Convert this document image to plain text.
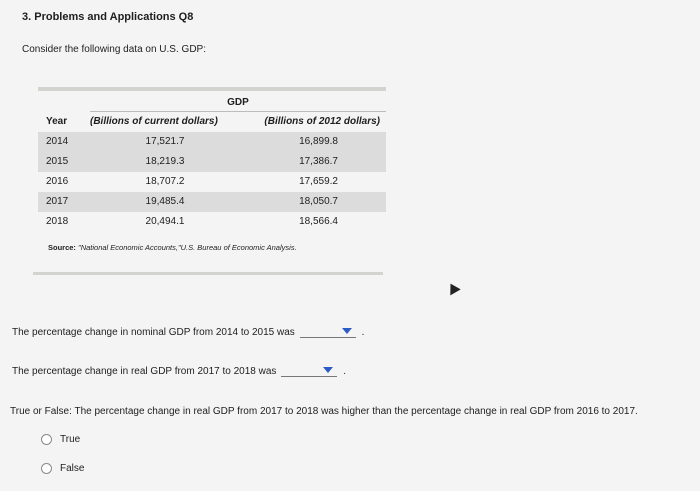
3. Problems and Applications Q8
Consider the following data on U.S. GDP:
	GDP	
Year	(Billions of current dollars)	(Billions of 2012 dollars)
2014	17,521.7	16,899.8
2015	18,219.3	17,386.7
2016	18,707.2	17,659.2
2017	19,485.4	18,050.7
2018	20,494.1	18,566.4
Source: "National Economic Accounts,"U.S. Bureau of Economic Analysis.
The percentage change in nominal GDP from 2014 to 2015 was	.
The percentage change in real GDP from 2017 to 2018 was	.
True or False: The percentage change in real GDP from 2017 to 2018 was higher than the percentage change in real GDP from 2016 to 2017.
True
False
